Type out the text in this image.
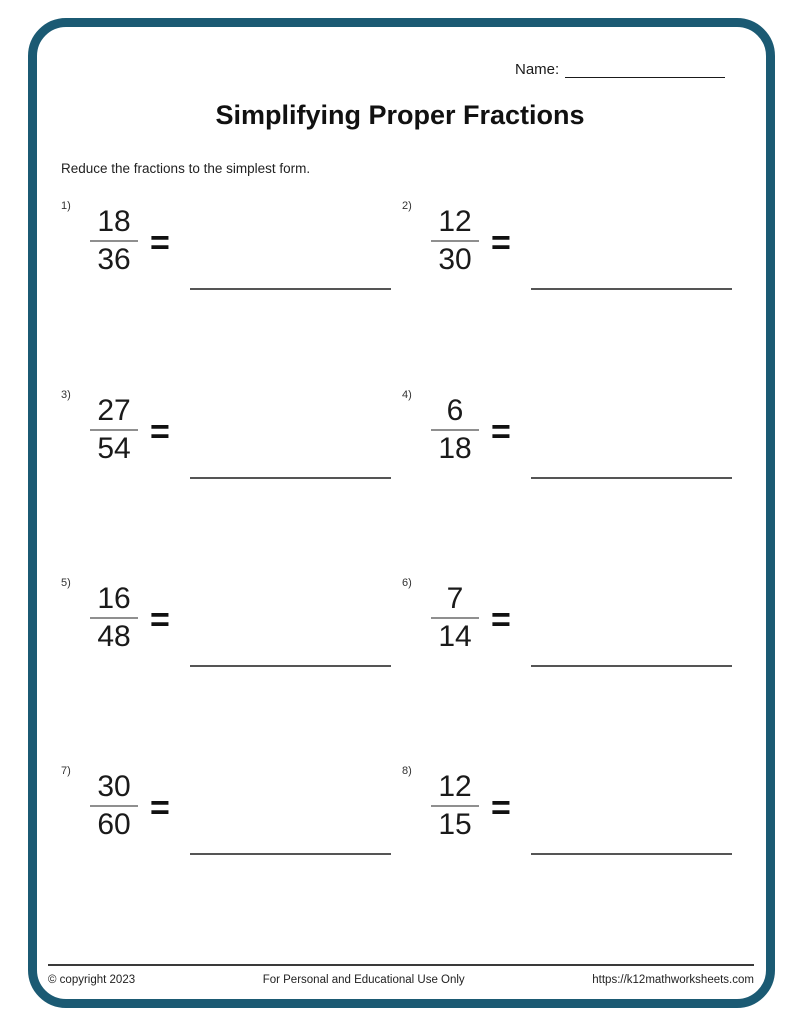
Name:
Simplifying Proper Fractions
Reduce the fractions to the simplest form.
$1) \frac{18}{36}$ =
$2) \frac{12}{30}$ =
$3) \frac{27}{54}$ =
$4) \frac{6}{18}$ =
$5) \frac{16}{48}$ =
$6) \frac{7}{14}$ =
$7) \frac{30}{60}$ =
$8) \frac{12}{15}$ =
© copyright 2023	For Personal and Educational Use Only	https://k12mathworksheets.com
